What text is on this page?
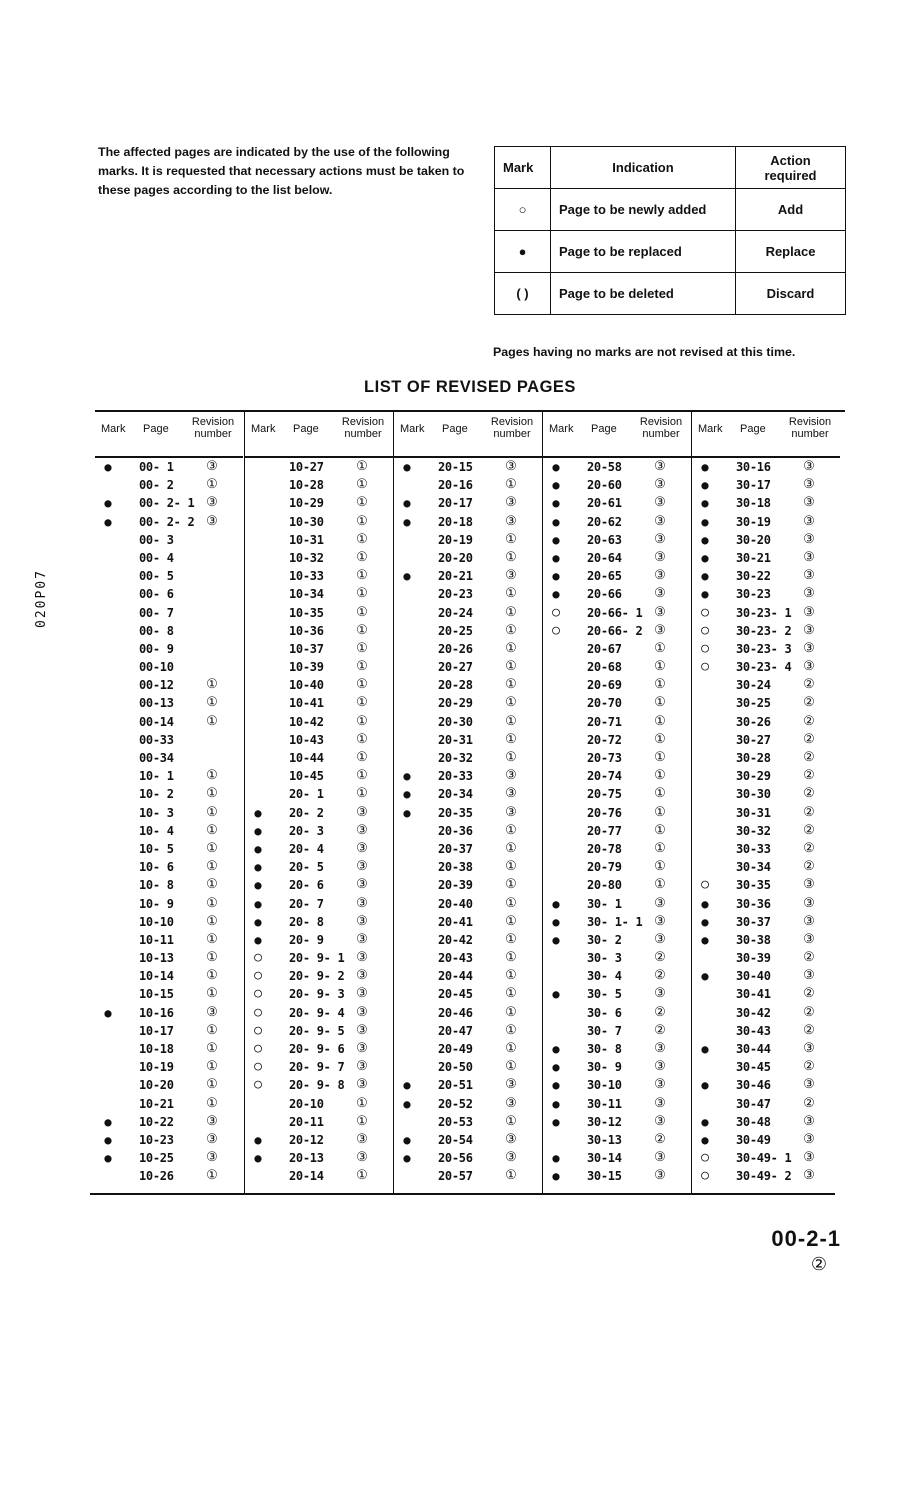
020P07
The affected pages are indicated by the use of the following marks. It is requested that necessary actions must be taken to these pages according to the list below.
Mark	Indication	Action required
○	Page to be newly added	Add
●	Page to be replaced	Replace
( )	Page to be deleted	Discard
Pages having no marks are not revised at this time.
LIST OF REVISED PAGES
Mark Page
Revision number
●	00- 1	③
00- 2	①
●	00- 2- 1 ③
●	00- 2- 2 ③
00- 3
00- 4
00- 5
00- 6
00- 7
00- 8
00- 9
00-10
00-12	①
00-13	①
00-14	①
00-33
00-34
10- 1	①
10- 2	①
10- 3	①
10- 4	①
10- 5	①
10- 6	①
10- 8	①
10- 9	①
10-10	①
10-11	①
10-13	①
10-14	①
10-15	①
●	10-16	③
10-17	①
10-18	①
10-19	①
10-20	①
10-21	①
●	10-22	③
●	10-23	③
●	10-25	③
10-26	①
Mark Page
Revision number
10-27	①
10-28	①
10-29	①
10-30	①
10-31	①
10-32	①
10-33	①
10-34	①
10-35	①
10-36	①
10-37	①
10-39	①
10-40	①
10-41	①
10-42	①
10-43	①
10-44	①
10-45	①
20- 1	①
●	20- 2	③
●	20- 3	③
●	20- 4	③
●	20- 5	③
●	20- 6	③
●	20- 7	③
●	20- 8	③
●	20- 9	③
○	20- 9- 1 ③
○	20- 9- 2 ③
○	20- 9- 3 ③
○	20- 9- 4 ③
○	20- 9- 5 ③
○	20- 9- 6 ③
○	20- 9- 7 ③
○	20- 9- 8 ③
20-10	①
20-11	①
●	20-12	③
●	20-13	③
20-14	①
Mark Page
Revision number
●	20-15	③
20-16	①
●	20-17	③
●	20-18	③
20-19	①
20-20	①
●	20-21	③
20-23	①
20-24	①
20-25	①
20-26	①
20-27	①
20-28	①
20-29	①
20-30	①
20-31	①
20-32	①
●	20-33	③
●	20-34	③
●	20-35	③
20-36	①
20-37	①
20-38	①
20-39	①
20-40	①
20-41	①
20-42	①
20-43	①
20-44	①
20-45	①
20-46	①
20-47	①
20-49	①
20-50	①
●	20-51	③
●	20-52	③
20-53	①
●	20-54	③
●	20-56	③
20-57	①
Mark Page
Revision number
●	20-58	③
●	20-60	③
●	20-61	③
●	20-62	③
●	20-63	③
●	20-64	③
●	20-65	③
●	20-66	③
○	20-66- 1 ③
○	20-66- 2 ③
20-67	①
20-68	①
20-69	①
20-70	①
20-71	①
20-72	①
20-73	①
20-74	①
20-75	①
20-76	①
20-77	①
20-78	①
20-79	①
20-80	①
●	30- 1	③
●	30- 1- 1 ③
●	30- 2	③
30- 3	②
30- 4	②
●	30- 5	③
30- 6	②
30- 7	②
●	30- 8	③
●	30- 9	③
●	30-10	③
●	30-11	③
●	30-12	③
30-13	②
●	30-14	③
●	30-15	③
Mark Page
Revision number
●	30-16	③
●	30-17	③
●	30-18	③
●	30-19	③
●	30-20	③
●	30-21	③
●	30-22	③
●	30-23	③
○	30-23- 1 ③
○	30-23- 2 ③
○	30-23- 3 ③
○	30-23- 4 ③
30-24	②
30-25	②
30-26	②
30-27	②
30-28	②
30-29	②
30-30	②
30-31	②
30-32	②
30-33	②
30-34	②
○	30-35	③
●	30-36	③
●	30-37	③
●	30-38	③
30-39	②
●	30-40	③
30-41	②
30-42	②
30-43	②
●	30-44	③
30-45	②
●	30-46	③
30-47	②
●	30-48	③
●	30-49	③
○	30-49- 1 ③
○	30-49- 2 ③
00-2-1
②
